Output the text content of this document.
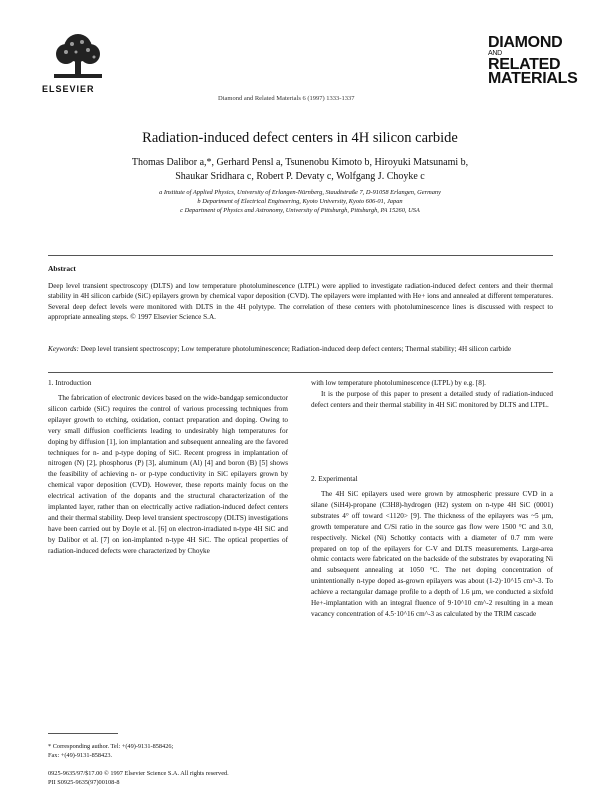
ELSEVIER
Diamond and Related Materials 6 (1997) 1333-1337
DIAMOND
AND
RELATED
MATERIALS
Radiation-induced defect centers in 4H silicon carbide
Thomas Dalibor a,*, Gerhard Pensl a, Tsunenobu Kimoto b, Hiroyuki Matsunami b,
Shaukar Sridhara c, Robert P. Devaty c, Wolfgang J. Choyke c
a Institute of Applied Physics, University of Erlangen-Nürnberg, Staudtstraße 7, D-91058 Erlangen, Germany
b Department of Electrical Engineering, Kyoto University, Kyoto 606-01, Japan
c Department of Physics and Astronomy, University of Pittsburgh, Pittsburgh, PA 15260, USA
Abstract
Deep level transient spectroscopy (DLTS) and low temperature photoluminescence (LTPL) were applied to investigate radiation-induced defect centers and their thermal stability in 4H silicon carbide (SiC) epilayers grown by chemical vapor deposition (CVD). The epilayers were implanted with He+ ions and annealed at different temperatures. Several deep defect levels were monitored with DLTS in the 4H polytype. The correlation of these centers with photoluminescence lines is discussed with respect to appropriate annealing steps. © 1997 Elsevier Science S.A.
Keywords: Deep level transient spectroscopy; Low temperature photoluminescence; Radiation-induced deep defect centers; Thermal stability; 4H silicon carbide
1. Introduction

The fabrication of electronic devices based on the wide-bandgap semiconductor silicon carbide (SiC) requires the control of various processing techniques from epilayer growth to etching, oxidation, contact preparation and doping. Owing to very small diffusion coefficients leading to undesirably high temperatures for doping by diffusion [1], ion implantation and subsequent annealing are the favored techniques for n- and p-type doping of SiC. Recent progress in implantation of nitrogen (N) [2], phosphorus (P) [3], aluminum (Al) [4] and boron (B) [5] shows the feasibility of achieving n- or p-type conductivity in SiC epilayers grown by chemical vapor deposition (CVD). However, these reports mainly focus on the electrical activation of the dopants and the structural characterization of the implanted layer, rather than on electrically active radiation-induced defect centers and their thermal stability. Deep level transient spectroscopy (DLTS) investigations have been carried out by Doyle et al. [6] on electron-irradiated n-type 4H SiC and by Dalibor et al. [7] on ion-implanted n-type 4H SiC. The optical properties of radiation-induced defects were characterized by Choyke

* Corresponding author. Tel: +(49)-9131-858426;
Fax: +(49)-9131-858423.

with low temperature photoluminescence (LTPL) by e.g. [8].

It is the purpose of this paper to present a detailed study of radiation-induced defect centers and their thermal stability in 4H SiC monitored by DLTS and LTPL.

2. Experimental

The 4H SiC epilayers used were grown by atmospheric pressure CVD in a silane (SiH4)-propane (C3H8)-hydrogen (H2) system on n-type 4H SiC (0001) substrates 4° off toward <1120> [9]. The thickness of the epilayers was ~5 µm, growth temperature and C/Si ratio in the source gas flow were 1500 °C and 3.0, respectively. Nickel (Ni) Schottky contacts with a diameter of 0.7 mm were prepared on top of the epilayers for C-V and DLTS measurements. Large-area ohmic contacts were fabricated on the backside of the substrates by evaporating Ni and subsequent annealing at 1050 °C. The net doping concentration of unintentionally n-type doped as-grown epilayers was about (1-2)·10^15 cm^-3. To achieve a rectangular damage profile to a depth of 1.6 µm, we conducted a sixfold He+-implantation with an integral fluence of 9·10^10 cm^-2 resulting in a mean vacancy concentration of 4.5·10^16 cm^-3 as calculated by the TRIM cascade

0925-9635/97/$17.00 © 1997 Elsevier Science S.A. All rights reserved.
PII S0925-9635(97)00108-8
